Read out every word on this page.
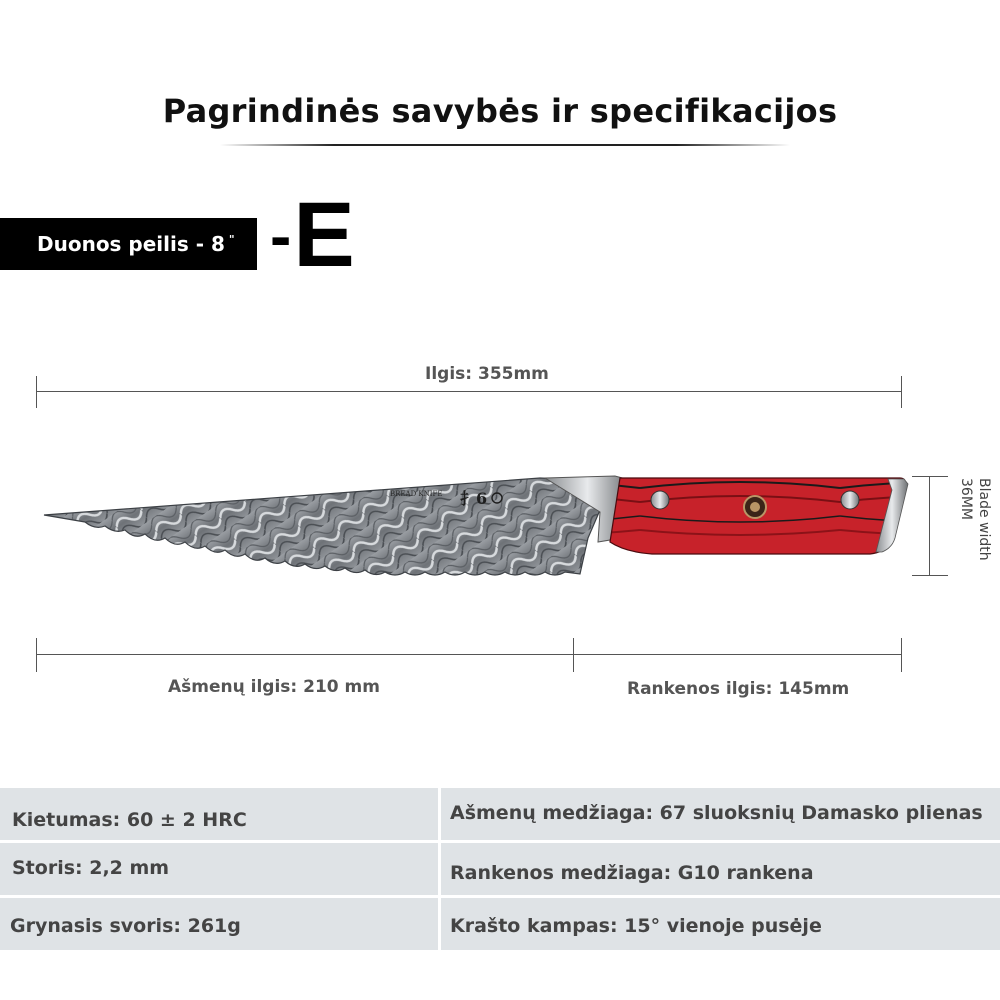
Pagrindinės savybės ir specifikacijos
Duonos peilis - 8 " -E
Ilgis: 355mm
BREAD KNIFE 扌6	Blade width
36MM
Ašmenų ilgis: 210 mm	Rankenos ilgis: 145mm
Kietumas: 60 ± 2 HRC	Ašmenų medžiaga: 67 sluoksnių Damasko plienas
Storis: 2,2 mm	Rankenos medžiaga: G10 rankena
Grynasis svoris: 261g	Krašto kampas: 15° vienoje pusėje
